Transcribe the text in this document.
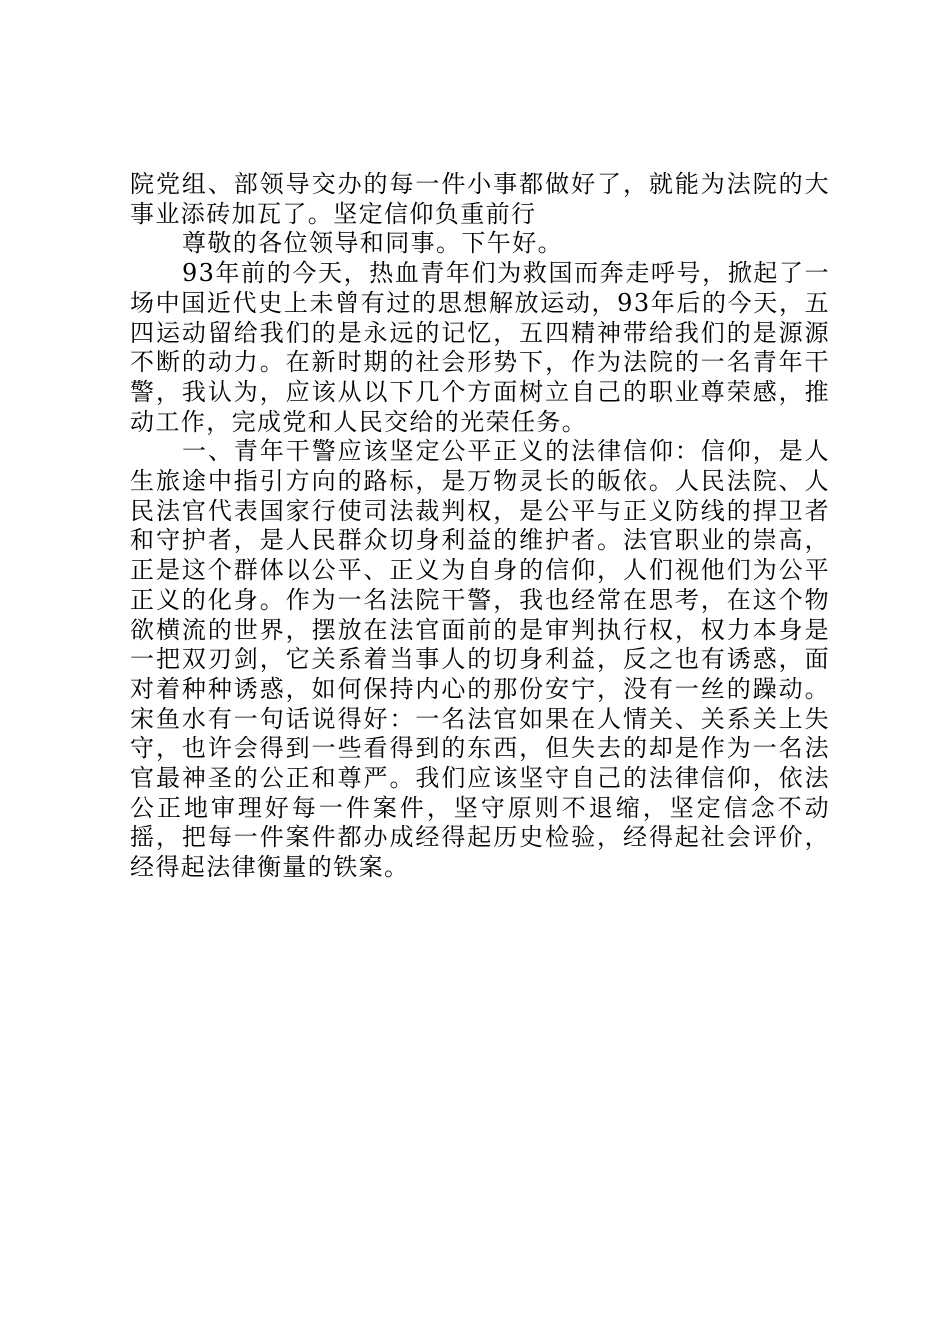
院党组、部领导交办的每一件小事都做好了，就能为法院的大事业添砖加瓦了。坚定信仰负重前行

尊敬的各位领导和同事。下午好。

93年前的今天，热血青年们为救国而奔走呼号，掀起了一场中国近代史上未曾有过的思想解放运动，93年后的今天，五四运动留给我们的是永远的记忆，五四精神带给我们的是源源不断的动力。在新时期的社会形势下，作为法院的一名青年干警，我认为，应该从以下几个方面树立自己的职业尊荣感，推动工作，完成党和人民交给的光荣任务。

一、青年干警应该坚定公平正义的法律信仰：信仰，是人生旅途中指引方向的路标，是万物灵长的皈依。人民法院、人民法官代表国家行使司法裁判权，是公平与正义防线的捍卫者和守护者，是人民群众切身利益的维护者。法官职业的崇高，正是这个群体以公平、正义为自身的信仰，人们视他们为公平正义的化身。作为一名法院干警，我也经常在思考，在这个物欲横流的世界，摆放在法官面前的是审判执行权，权力本身是一把双刃剑，它关系着当事人的切身利益，反之也有诱惑，面对着种种诱惑，如何保持内心的那份安宁，没有一丝的躁动。宋鱼水有一句话说得好：一名法官如果在人情关、关系关上失守，也许会得到一些看得到的东西，但失去的却是作为一名法官最神圣的公正和尊严。我们应该坚守自己的法律信仰，依法公正地审理好每一件案件，坚守原则不退缩，坚定信念不动摇，把每一件案件都办成经得起历史检验，经得起社会评价，经得起法律衡量的铁案。
